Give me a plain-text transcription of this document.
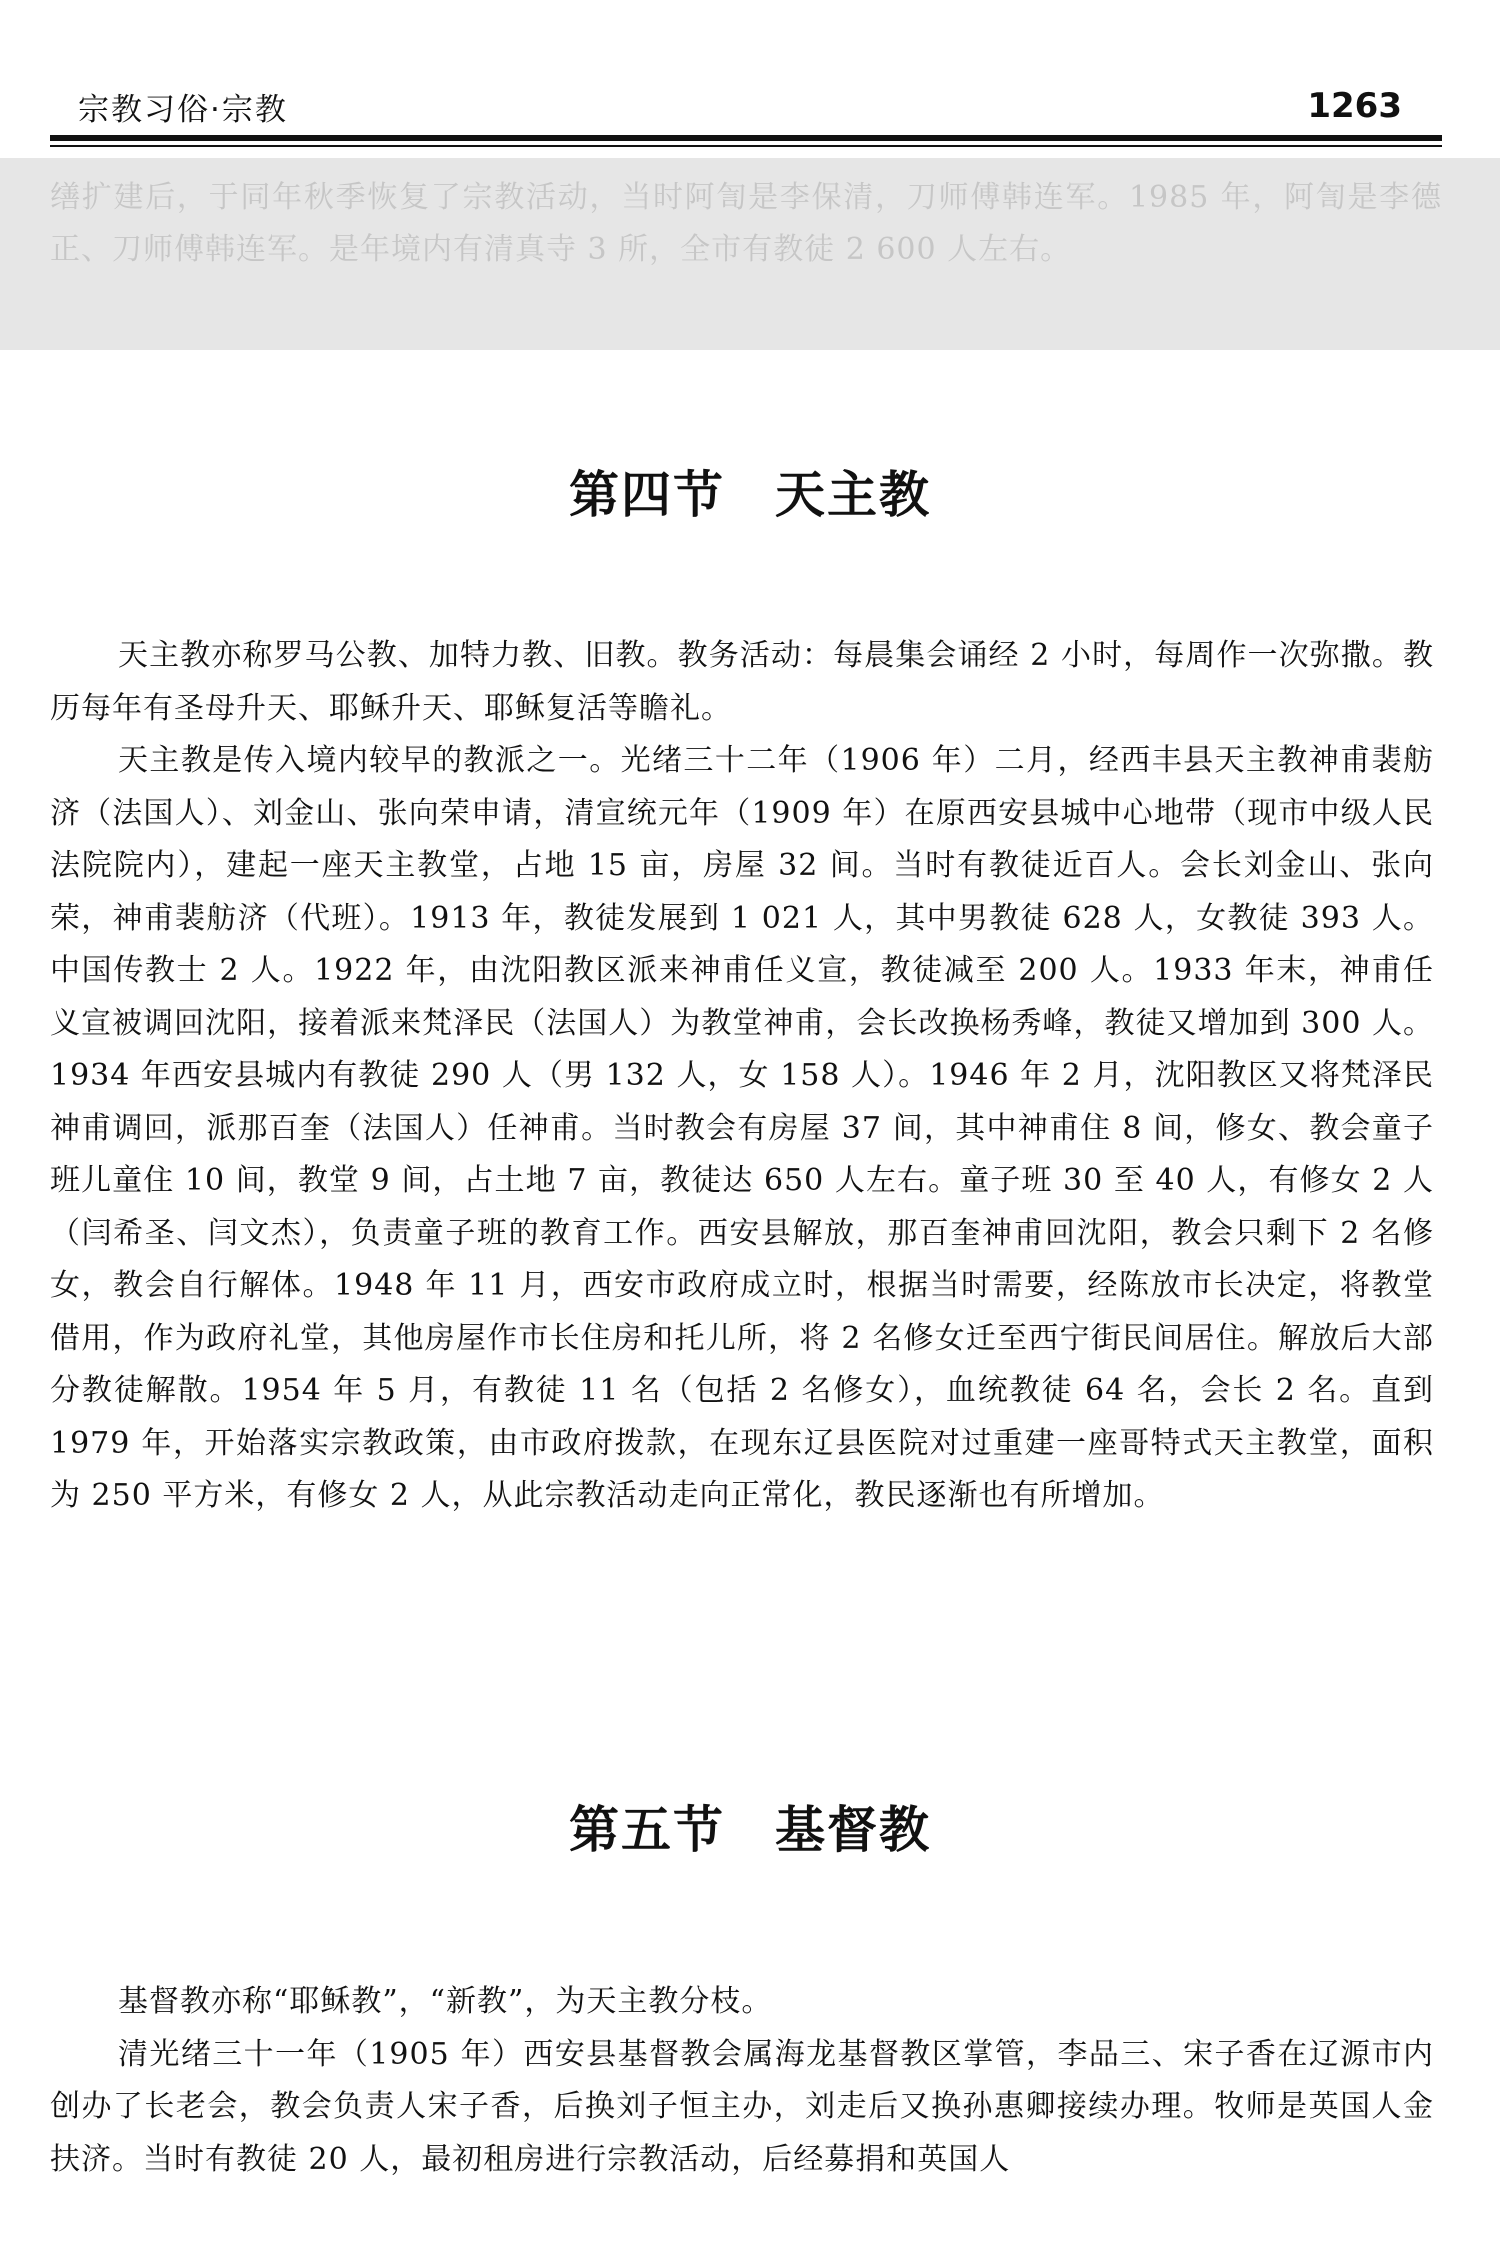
宗教习俗·宗教	1263

缮扩建后，于同年秋季恢复了宗教活动，当时阿訇是李保清，刀师傅韩连军。1985 年，阿訇是李德正、刀师傅韩连军。是年境内有清真寺 3 所，全市有教徒 2 600 人左右。

第四节 天主教

天主教亦称罗马公教、加特力教、旧教。教务活动：每晨集会诵经 2 小时，每周作一次弥撒。教历每年有圣母升天、耶稣升天、耶稣复活等瞻礼。

天主教是传入境内较早的教派之一。光绪三十二年（1906 年）二月，经西丰县天主教神甫裴舫济（法国人）、刘金山、张向荣申请，清宣统元年（1909 年）在原西安县城中心地带（现市中级人民法院院内），建起一座天主教堂，占地 15 亩，房屋 32 间。当时有教徒近百人。会长刘金山、张向荣，神甫裴舫济（代班）。1913 年，教徒发展到 1 021 人，其中男教徒 628 人，女教徒 393 人。中国传教士 2 人。1922 年，由沈阳教区派来神甫任义宣，教徒减至 200 人。1933 年末，神甫任义宣被调回沈阳，接着派来梵泽民（法国人）为教堂神甫，会长改换杨秀峰，教徒又增加到 300 人。1934 年西安县城内有教徒 290 人（男 132 人，女 158 人）。1946 年 2 月，沈阳教区又将梵泽民神甫调回，派那百奎（法国人）任神甫。当时教会有房屋 37 间，其中神甫住 8 间，修女、教会童子班儿童住 10 间，教堂 9 间，占土地 7 亩，教徒达 650 人左右。童子班 30 至 40 人，有修女 2 人（闫希圣、闫文杰），负责童子班的教育工作。西安县解放，那百奎神甫回沈阳，教会只剩下 2 名修女，教会自行解体。1948 年 11 月，西安市政府成立时，根据当时需要，经陈放市长决定，将教堂借用，作为政府礼堂，其他房屋作市长住房和托儿所，将 2 名修女迁至西宁街民间居住。解放后大部分教徒解散。1954 年 5 月，有教徒 11 名（包括 2 名修女），血统教徒 64 名，会长 2 名。直到 1979 年，开始落实宗教政策，由市政府拨款，在现东辽县医院对过重建一座哥特式天主教堂，面积为 250 平方米，有修女 2 人，从此宗教活动走向正常化，教民逐渐也有所增加。

第五节 基督教

基督教亦称“耶稣教”，“新教”，为天主教分枝。

清光绪三十一年（1905 年）西安县基督教会属海龙基督教区掌管，李品三、宋子香在辽源市内创办了长老会，教会负责人宋子香，后换刘子恒主办，刘走后又换孙惠卿接续办理。牧师是英国人金扶济。当时有教徒 20 人，最初租房进行宗教活动，后经募捐和英国人
